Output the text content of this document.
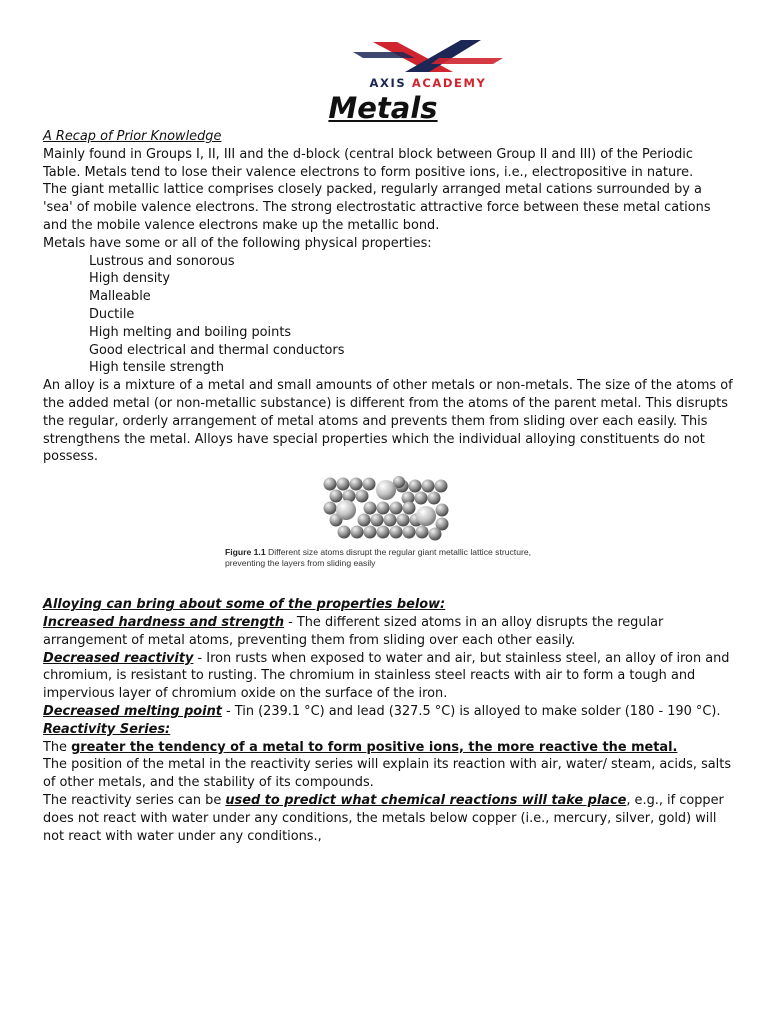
AXIS ACADEMY
Metals

A Recap of Prior Knowledge

Mainly found in Groups I, II, III and the d-block (central block between Group II and III) of the Periodic Table. Metals tend to lose their valence electrons to form positive ions, i.e., electropositive in nature.

The giant metallic lattice comprises closely packed, regularly arranged metal cations surrounded by a 'sea' of mobile valence electrons. The strong electrostatic attractive force between these metal cations and the mobile valence electrons make up the metallic bond.

Metals have some or all of the following physical properties:

Lustrous and sonorous

High density

Malleable

Ductile

High melting and boiling points

Good electrical and thermal conductors

High tensile strength

An alloy is a mixture of a metal and small amounts of other metals or non-metals. The size of the atoms of the added metal (or non-metallic substance) is different from the atoms of the parent metal. This disrupts the regular, orderly arrangement of metal atoms and prevents them from sliding over each easily. This strengthens the metal. Alloys have special properties which the individual alloying constituents do not possess.

Figure 1.1 Different size atoms disrupt the regular giant metallic lattice structure, preventing the layers from sliding easily

Alloying can bring about some of the properties below:

Increased hardness and strength - The different sized atoms in an alloy disrupts the regular arrangement of metal atoms, preventing them from sliding over each other easily.

Decreased reactivity - Iron rusts when exposed to water and air, but stainless steel, an alloy of iron and chromium, is resistant to rusting. The chromium in stainless steel reacts with air to form a tough and impervious layer of chromium oxide on the surface of the iron.

Decreased melting point - Tin (239.1 °C) and lead (327.5 °C) is alloyed to make solder (180 - 190 °C).

Reactivity Series:

The greater the tendency of a metal to form positive ions, the more reactive the metal.

The position of the metal in the reactivity series will explain its reaction with air, water/ steam, acids, salts of other metals, and the stability of its compounds.

The reactivity series can be used to predict what chemical reactions will take place, e.g., if copper does not react with water under any conditions, the metals below copper (i.e., mercury, silver, gold) will not react with water under any conditions.,
